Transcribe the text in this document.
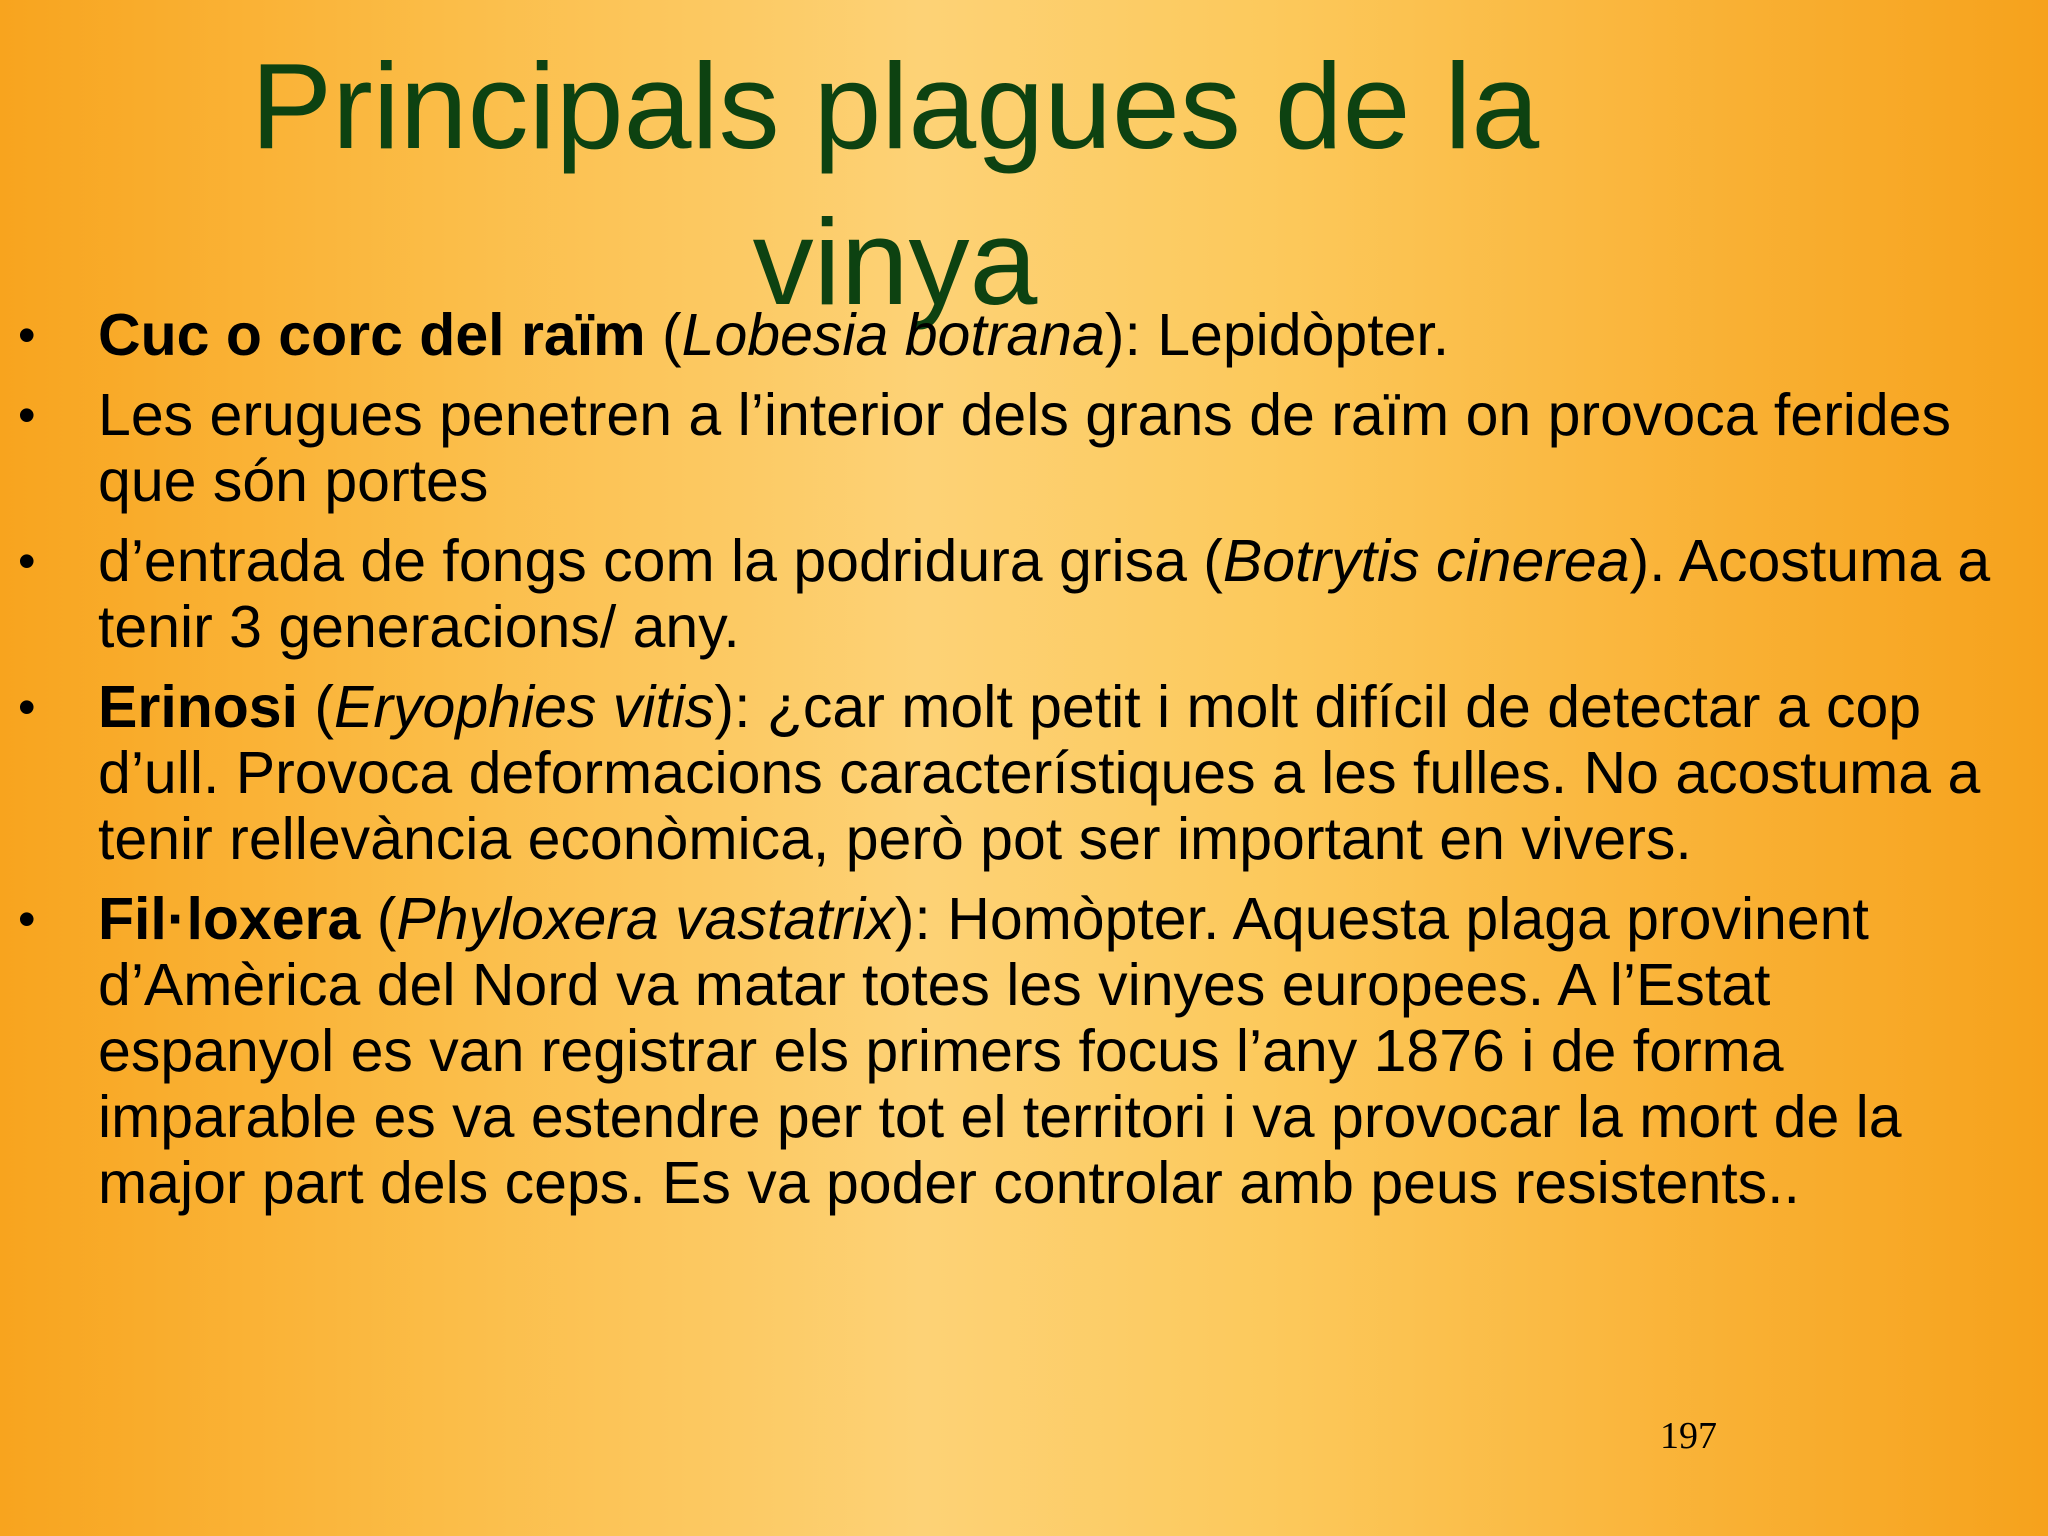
Principals plagues de la
vinya
• Cuc o corc del raïm (Lobesia botrana): Lepidòpter.
• Les erugues penetren a l’interior dels grans de raïm on provoca ferides que són portes
• d’entrada de fongs com la podridura grisa (Botrytis cinerea). Acostuma a tenir 3 generacions/ any.
• Erinosi (Eryophies vitis): ¿car molt petit i molt difícil de detectar a cop d’ull. Provoca deformacions característiques a les fulles. No acostuma a tenir rellevància econòmica, però pot ser important en vivers.
• Fil·loxera (Phyloxera vastatrix): Homòpter. Aquesta plaga provinent d’Amèrica del Nord va matar totes les vinyes europees. A l’Estat espanyol es van registrar els primers focus l’any 1876 i de forma imparable es va estendre per tot el territori i va provocar la mort de la major part dels ceps. Es va poder controlar amb peus resistents..
197
